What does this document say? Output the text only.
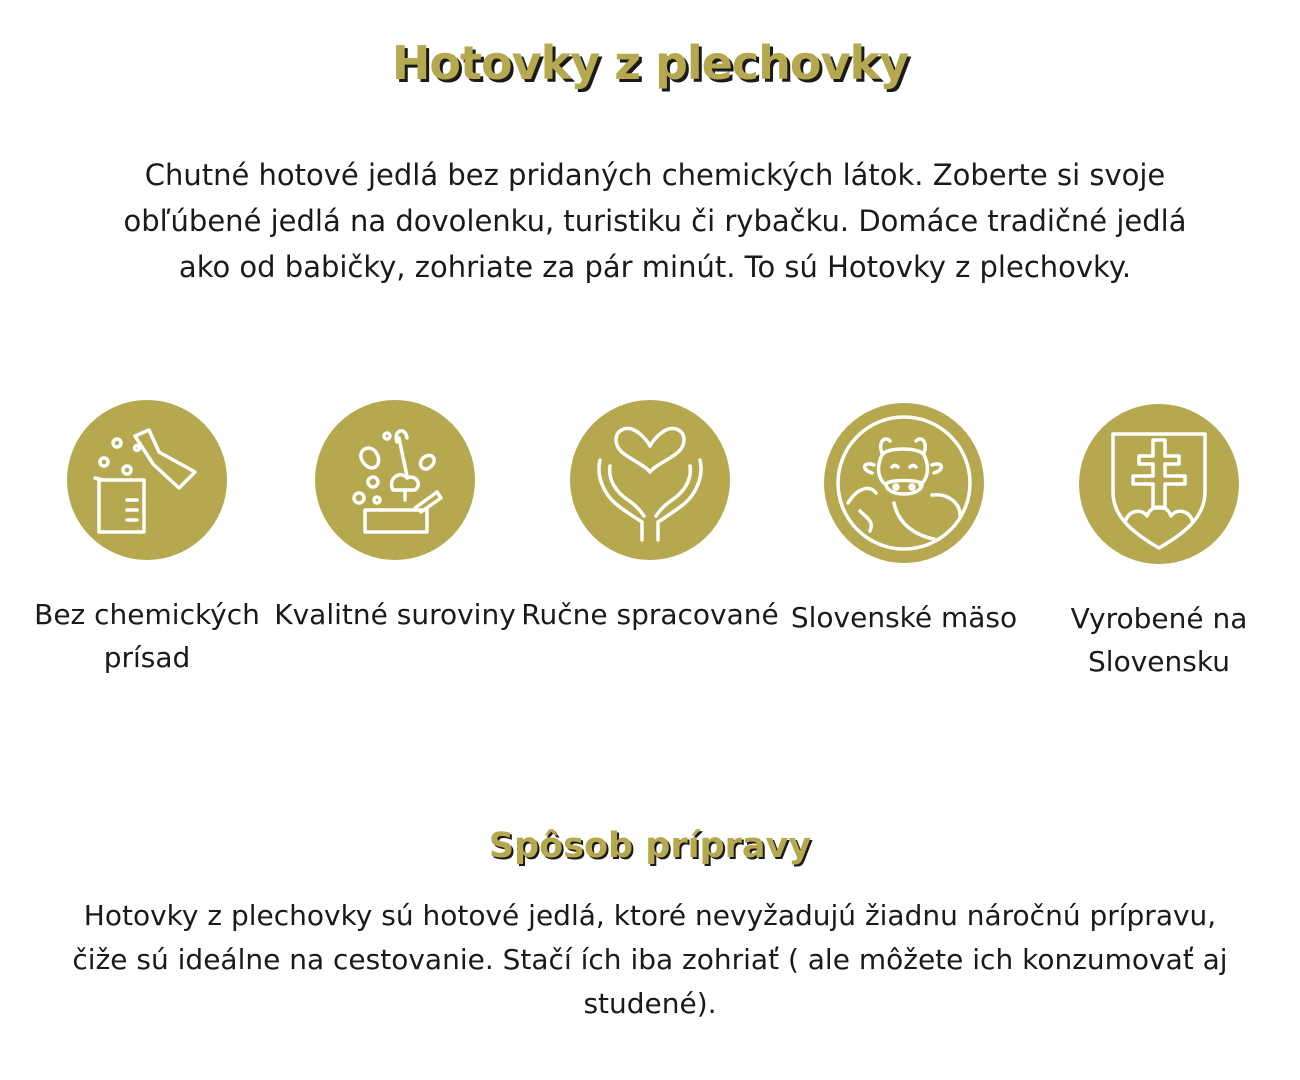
Hotovky z plechovky

Chutné hotové jedlá bez pridaných chemických látok. Zoberte si svoje obľúbené jedlá na dovolenku, turistiku či rybačku. Domáce tradičné jedlá ako od babičky, zohriate za pár minút. To sú Hotovky z plechovky.

Bez chemických prísad
Kvalitné suroviny Ručne spracované Slovenské mäso	Vyrobené na Slovensku
Spôsob prípravy

Hotovky z plechovky sú hotové jedlá, ktoré nevyžadujú žiadnu náročnú prípravu, čiže sú ideálne na cestovanie. Stačí ích iba zohriať ( ale môžete ich konzumovať aj studené).
